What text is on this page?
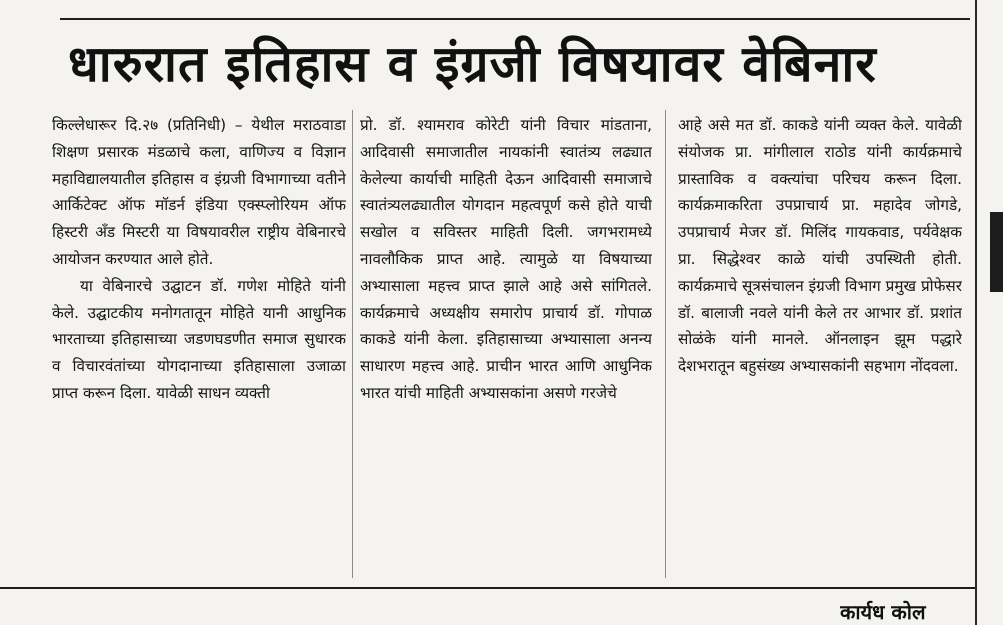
धारुरात इतिहास व इंग्रजी विषयावर वेबिनार

किल्लेधारूर दि.२७ (प्रतिनिधी) – येथील मराठवाडा शिक्षण प्रसारक मंडळाचे कला, वाणिज्य व विज्ञान महाविद्यालयातील इतिहास व इंग्रजी विभागाच्या वतीने आर्किटेक्ट ऑफ मॉडर्न इंडिया एक्स्प्लोरियम ऑफ हिस्टरी अँड मिस्टरी या विषयावरील राष्ट्रीय वेबिनारचे आयोजन करण्यात आले होते.

या वेबिनारचे उद्घाटन डॉ. गणेश मोहिते यांनी केले. उद्घाटकीय मनोगतातून मोहिते यानी आधुनिक भारताच्या इतिहासाच्या जडणघडणीत समाज सुधारक व विचारवंतांच्या योगदानाच्या इतिहासाला उजाळा प्राप्त करून दिला. यावेळी साधन व्यक्ती

प्रो. डॉ. श्यामराव कोरेटी यांनी विचार मांडताना, आदिवासी समाजातील नायकांनी स्वातंत्र्य लढ्यात केलेल्या कार्याची माहिती देऊन आदिवासी समाजाचे स्वातंत्र्यलढ्यातील योगदान महत्वपूर्ण कसे होते याची सखोल व सविस्तर माहिती दिली. जगभरामध्ये नावलौकिक प्राप्त आहे. त्यामुळे या विषयाच्या अभ्यासाला महत्त्व प्राप्त झाले आहे असे सांगितले. कार्यक्रमाचे अध्यक्षीय समारोप प्राचार्य डॉ. गोपाळ काकडे यांनी केला. इतिहासाच्या अभ्यासाला अनन्य साधारण महत्त्व आहे. प्राचीन भारत आणि आधुनिक भारत यांची माहिती अभ्यासकांना असणे गरजेचे

आहे असे मत डॉ. काकडे यांनी व्यक्त केले. यावेळी संयोजक प्रा. मांगीलाल राठोड यांनी कार्यक्रमाचे प्रास्ताविक व वक्त्यांचा परिचय करून दिला. कार्यक्रमाकरिता उपप्राचार्य प्रा. महादेव जोगडे, उपप्राचार्य मेजर डॉ. मिलिंद गायकवाड, पर्यवेक्षक प्रा. सिद्धेश्वर काळे यांची उपस्थिती होती. कार्यक्रमाचे सूत्रसंचालन इंग्रजी विभाग प्रमुख प्रोफेसर डॉ. बालाजी नवले यांनी केले तर आभार डॉ. प्रशांत सोळंके यांनी मानले. ऑनलाइन झूम पद्धारे देशभरातून बहुसंख्य अभ्यासकांनी सहभाग नोंदवला.

कार्यध कोल
